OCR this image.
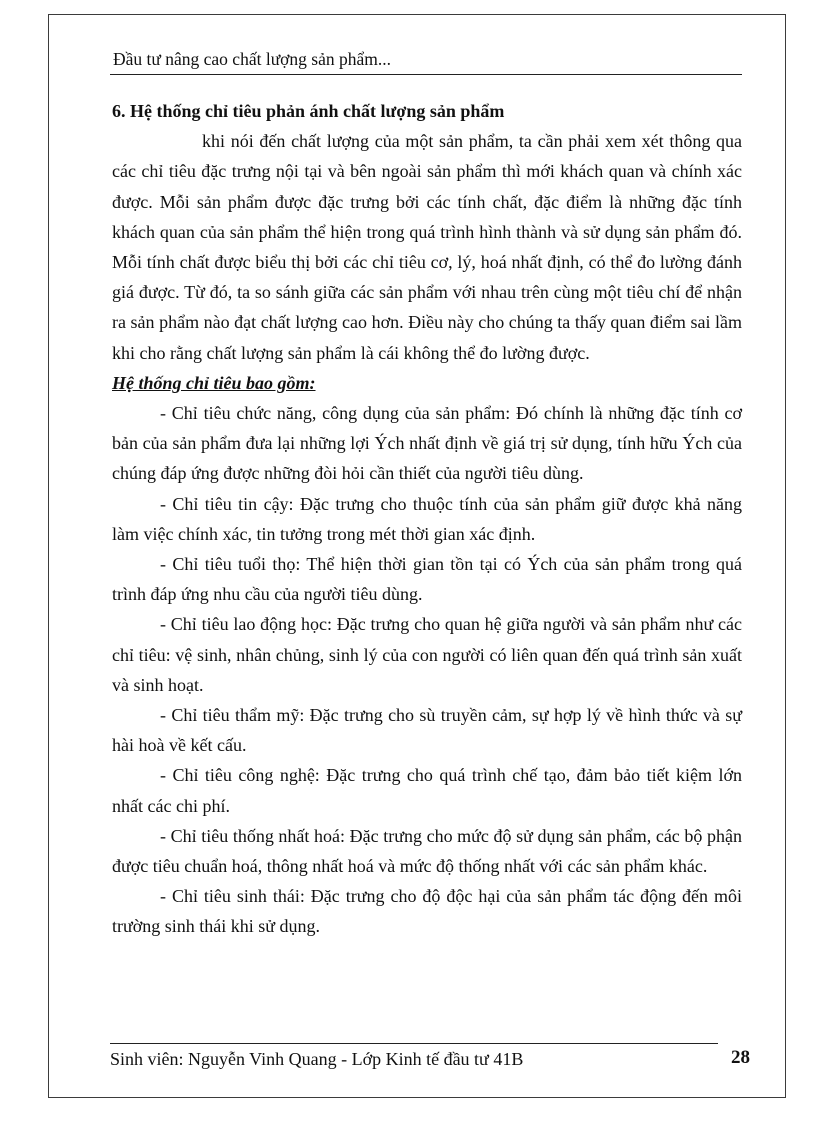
Đầu tư nâng cao chất lượng sản phẩm...

6. Hệ thống chỉ tiêu phản ánh chất lượng sản phẩm

khi nói đến chất lượng của một sản phẩm, ta cần phải xem xét thông qua các chỉ tiêu đặc trưng nội tại và bên ngoài sản phẩm thì mới khách quan và chính xác được. Mỗi sản phẩm được đặc trưng bởi các tính chất, đặc điểm là những đặc tính khách quan của sản phẩm thể hiện trong quá trình hình thành và sử dụng sản phẩm đó. Mỗi tính chất được biểu thị bởi các chỉ tiêu cơ, lý, hoá nhất định, có thể đo lường đánh giá được. Từ đó, ta so sánh giữa các sản phẩm với nhau trên cùng một tiêu chí để nhận ra sản phẩm nào đạt chất lượng cao hơn. Điều này cho chúng ta thấy quan điểm sai lầm khi cho rằng chất lượng sản phẩm là cái không thể đo lường được.

Hệ thống chỉ tiêu bao gồm:

- Chỉ tiêu chức năng, công dụng của sản phẩm: Đó chính là những đặc tính cơ bản của sản phẩm đưa lại những lợi Ých nhất định về giá trị sử dụng, tính hữu Ých của chúng đáp ứng được những đòi hỏi cần thiết của người tiêu dùng.

- Chỉ tiêu tin cậy: Đặc trưng cho thuộc tính của sản phẩm giữ được khả năng làm việc chính xác, tin tưởng trong mét thời gian xác định.

- Chỉ tiêu tuổi thọ: Thể hiện thời gian tồn tại có Ých của sản phẩm trong quá trình đáp ứng nhu cầu của người tiêu dùng.

- Chỉ tiêu lao động học: Đặc trưng cho quan hệ giữa người và sản phẩm như các chỉ tiêu: vệ sinh, nhân chủng, sinh lý của con người có liên quan đến quá trình sản xuất và sinh hoạt.

- Chỉ tiêu thẩm mỹ: Đặc trưng cho sù truyền cảm, sự hợp lý về hình thức và sự hài hoà về kết cấu.

- Chỉ tiêu công nghệ: Đặc trưng cho quá trình chế tạo, đảm bảo tiết kiệm lớn nhất các chi phí.

- Chỉ tiêu thống nhất hoá: Đặc trưng cho mức độ sử dụng sản phẩm, các bộ phận được tiêu chuẩn hoá, thông nhất hoá và mức độ thống nhất với các sản phẩm khác.

- Chỉ tiêu sinh thái: Đặc trưng cho độ độc hại của sản phẩm tác động đến môi trường sinh thái khi sử dụng.

Sinh viên: Nguyễn Vinh Quang - Lớp Kinh tế đầu tư 41B	28
